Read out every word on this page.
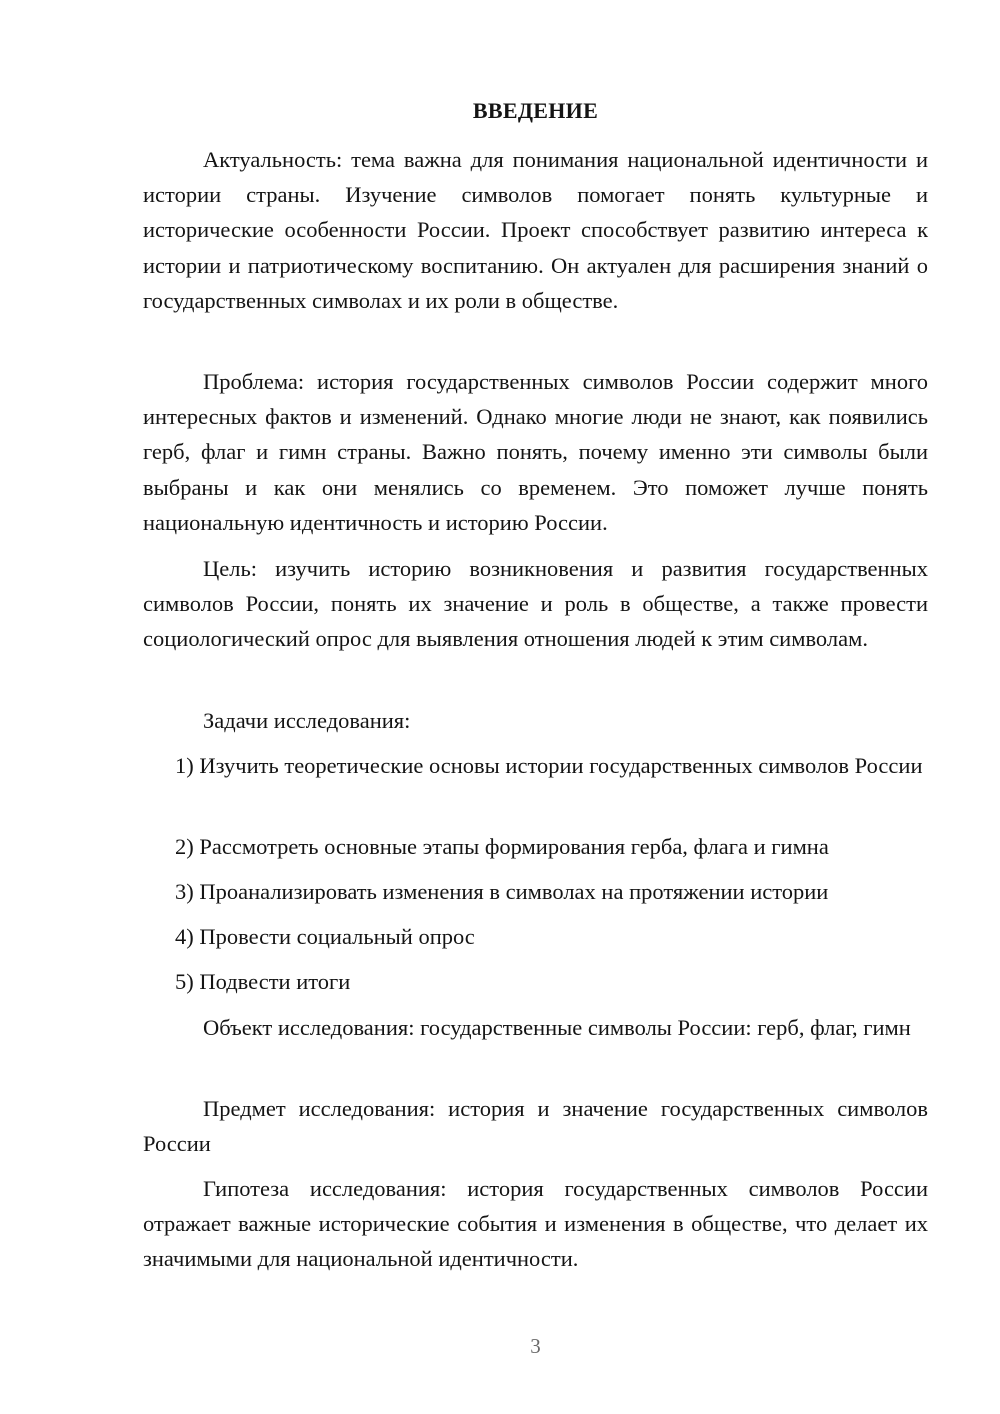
ВВЕДЕНИЕ

Актуальность: тема важна для понимания национальной идентичности и истории страны. Изучение символов помогает понять культурные и исторические особенности России. Проект способствует развитию интереса к истории и патриотическому воспитанию. Он актуален для расширения знаний о государственных символах и их роли в обществе.

Проблема: история государственных символов России содержит много интересных фактов и изменений. Однако многие люди не знают, как появились герб, флаг и гимн страны. Важно понять, почему именно эти символы были выбраны и как они менялись со временем. Это поможет лучше понять национальную идентичность и историю России.

Цель: изучить историю возникновения и развития государственных символов России, понять их значение и роль в обществе, а также провести социологический опрос для выявления отношения людей к этим символам.

Задачи исследования:

1) Изучить теоретические основы истории государственных символов России

2) Рассмотреть основные этапы формирования герба, флага и гимна

3) Проанализировать изменения в символах на протяжении истории

4) Провести социальный опрос

5) Подвести итоги

Объект исследования: государственные символы России: герб, флаг, гимн

Предмет исследования: история и значение государственных символов России

Гипотеза исследования: история государственных символов России отражает важные исторические события и изменения в обществе, что делает их значимыми для национальной идентичности.

3
